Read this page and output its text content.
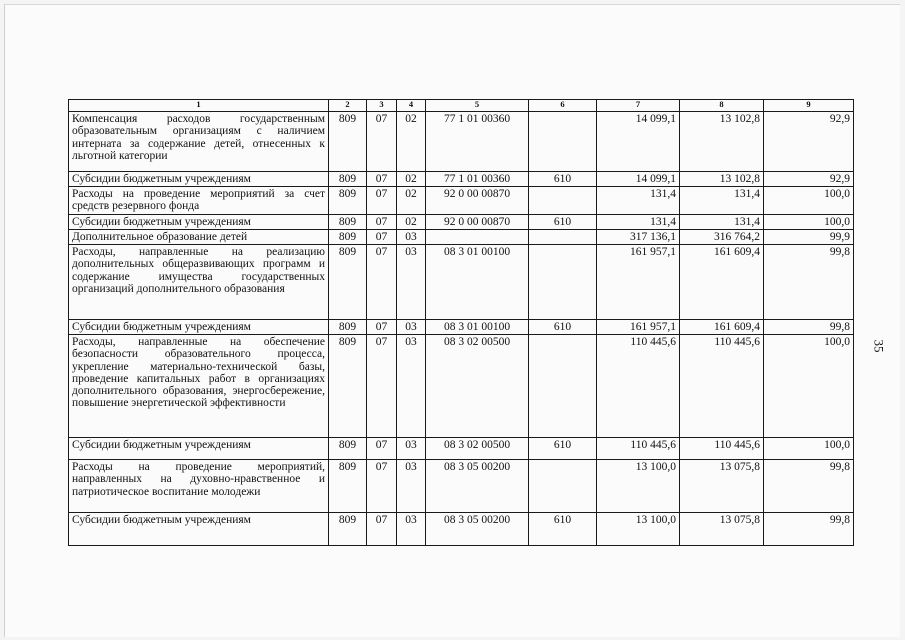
1	2	3	4	5	6	7	8	9
Компенсация расходов государственным образовательным организациям с наличием интерната за содержание детей, отнесенных к льготной категории	809	07	02	77 1 01 00360		14 099,1	13 102,8	92,9
Субсидии бюджетным учреждениям	809	07	02	77 1 01 00360	610	14 099,1	13 102,8	92,9
Расходы на проведение мероприятий за счет средств резервного фонда	809	07	02	92 0 00 00870		131,4	131,4	100,0
Субсидии бюджетным учреждениям	809	07	02	92 0 00 00870	610	131,4	131,4	100,0
Дополнительное образование детей	809	07	03			317 136,1	316 764,2	99,9
Расходы, направленные на реализацию дополнительных общеразвивающих программ и содержание имущества государственных организаций дополнительного образования	809	07	03	08 3 01 00100		161 957,1	161 609,4	99,8
Субсидии бюджетным учреждениям	809	07	03	08 3 01 00100	610	161 957,1	161 609,4	99,8
Расходы, направленные на обеспечение безопасности образовательного процесса, укрепление материально-технической базы, проведение капитальных работ в организациях дополнительного образования, энергосбережение, повышение энергетической эффективности	809	07	03	08 3 02 00500		110 445,6	110 445,6	100,0
Субсидии бюджетным учреждениям	809	07	03	08 3 02 00500	610	110 445,6	110 445,6	100,0
Расходы на проведение мероприятий, направленных на духовно-нравственное и патриотическое воспитание молодежи	809	07	03	08 3 05 00200		13 100,0	13 075,8	99,8
Субсидии бюджетным учреждениям	809	07	03	08 3 05 00200	610	13 100,0	13 075,8	99,8
35
